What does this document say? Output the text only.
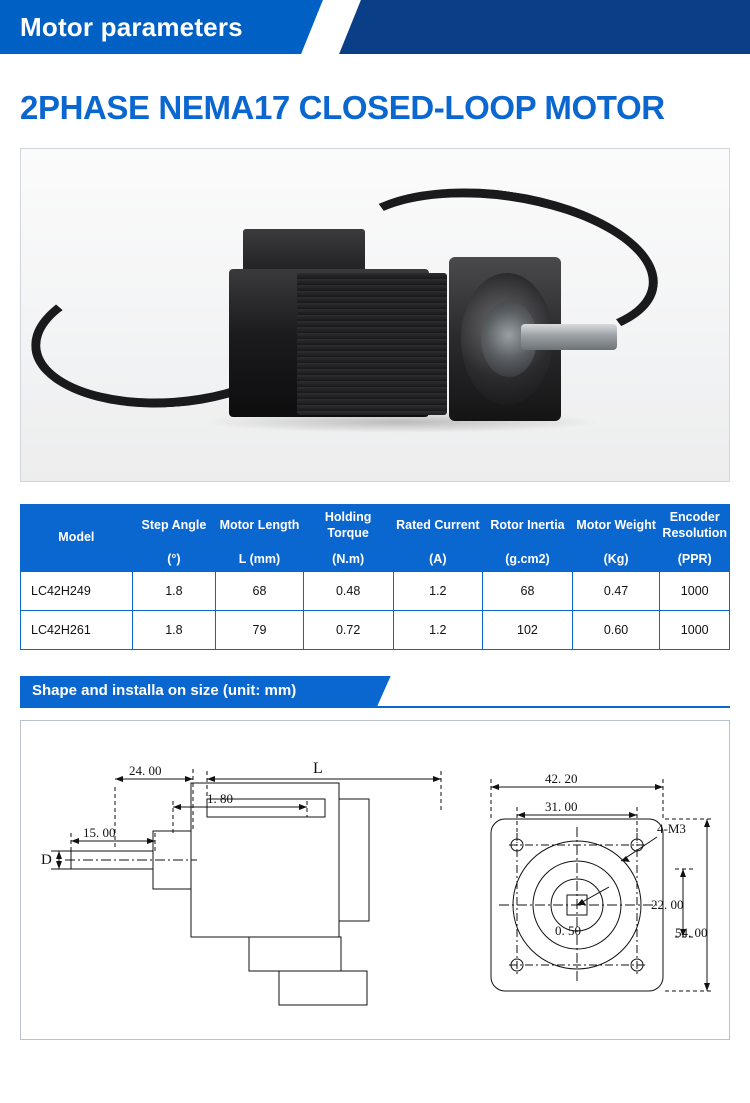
Motor parameters
2PHASE NEMA17 CLOSED-LOOP MOTOR
Model	Step Angle	Motor Length	Holding Torque	Rated Current	Rotor Inertia	Motor Weight	Encoder Resolution
	(°)	L (mm)	(N.m)	(A)	(g.cm2)	(Kg)	(PPR)
LC42H249	1.8	68	0.48	1.2	68	0.47	1000
LC42H261	1.8	79	0.72	1.2	102	0.60	1000
Shape and installa on size (unit: mm)
24. 00	L
1. 80
15. 00
D
42. 20
31. 00
22. 00
54. 00
4-M3
0. 50
